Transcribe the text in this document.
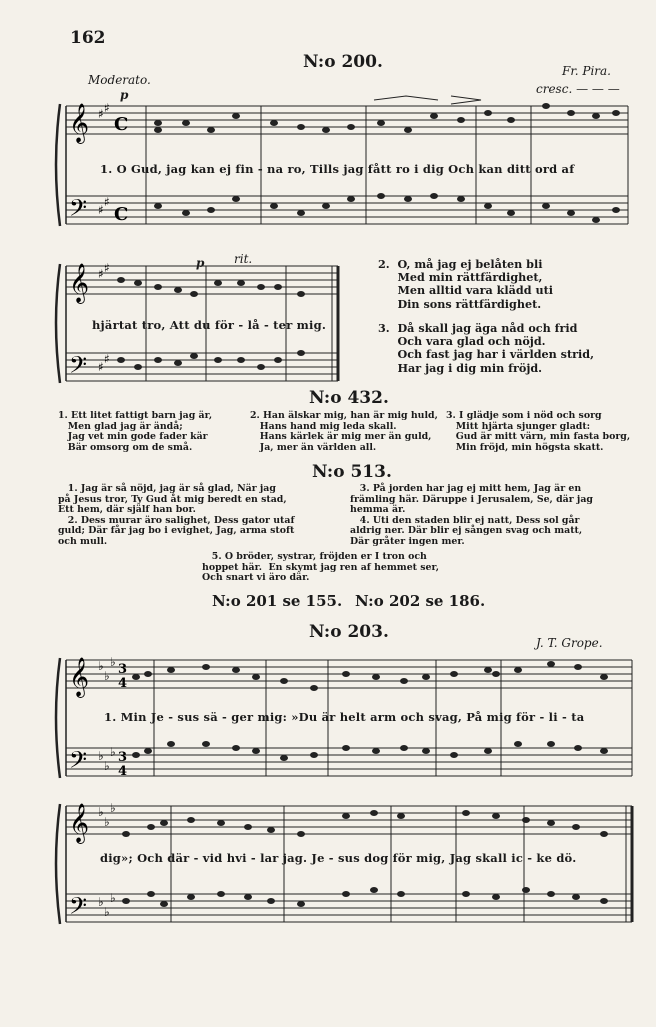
162
N:o 200.
Moderato.
Fr. Pira.
p	cresc. — — —
𝄞
𝄢
♯ ♯
♯
♯
C
C
1. O Gud, jag kan ej fin - na ro, Tills jag fått ro i dig Och kan ditt ord af
p rit.
𝄞
𝄢
♯ ♯
♯
♯
hjärtat tro, Att du för - lå - ter mig.
2.  O, må jag ej belåten bli
Med min rättfärdighet,
Men alltid vara klädd uti
Din sons rättfärdighet.
3.  Då skall jag äga nåd och frid
Och vara glad och nöjd.
Och fast jag har i världen strid,
Har jag i dig min fröjd.
N:o 432.
1. Ett litet fattigt barn jag är,
Men glad jag är ändå;
Jag vet min gode fader kär
Bär omsorg om de små.
2. Han älskar mig, han är mig huld,
Hans hand mig leda skall.
Hans kärlek är mig mer än guld,
Ja, mer än världen all.
3. I glädje som i nöd och sorg
Mitt hjärta sjunger gladt:
Gud är mitt värn, min fasta borg,
Min fröjd, min högsta skatt.
N:o 513.
1. Jag är så nöjd, jag är så glad, När jag
på Jesus tror, Ty Gud åt mig beredt en stad,
Ett hem, där själf han bor.
2. Dess murar äro salighet, Dess gator utaf
guld; Där får jag bo i evighet, Jag, arma stoft
och mull.
3. På jorden har jag ej mitt hem, Jag är en
främling här. Däruppe i Jerusalem, Se, där jag
hemma är.
4. Uti den staden blir ej natt, Dess sol går
aldrig ner. Där blir ej sången svag och matt,
Där gråter ingen mer.
5. O bröder, systrar, fröjden er I tron och
hoppet här.  En skymt jag ren af hemmet ser,
Och snart vi äro där.
N:o 201 se 155. N:o 202 se 186.
N:o 203.
J. T. Grope.
𝄞
𝄢
♭
♭
♭
♭
♭
♭
3
4
3
4
1. Min Je - sus sä - ger mig: »Du är helt arm och svag, På mig för - li - ta
𝄞
𝄢
♭
♭
♭
♭
♭
♭
dig»; Och där - vid hvi - lar jag. Je - sus dog för mig, Jag skall ic - ke dö.
